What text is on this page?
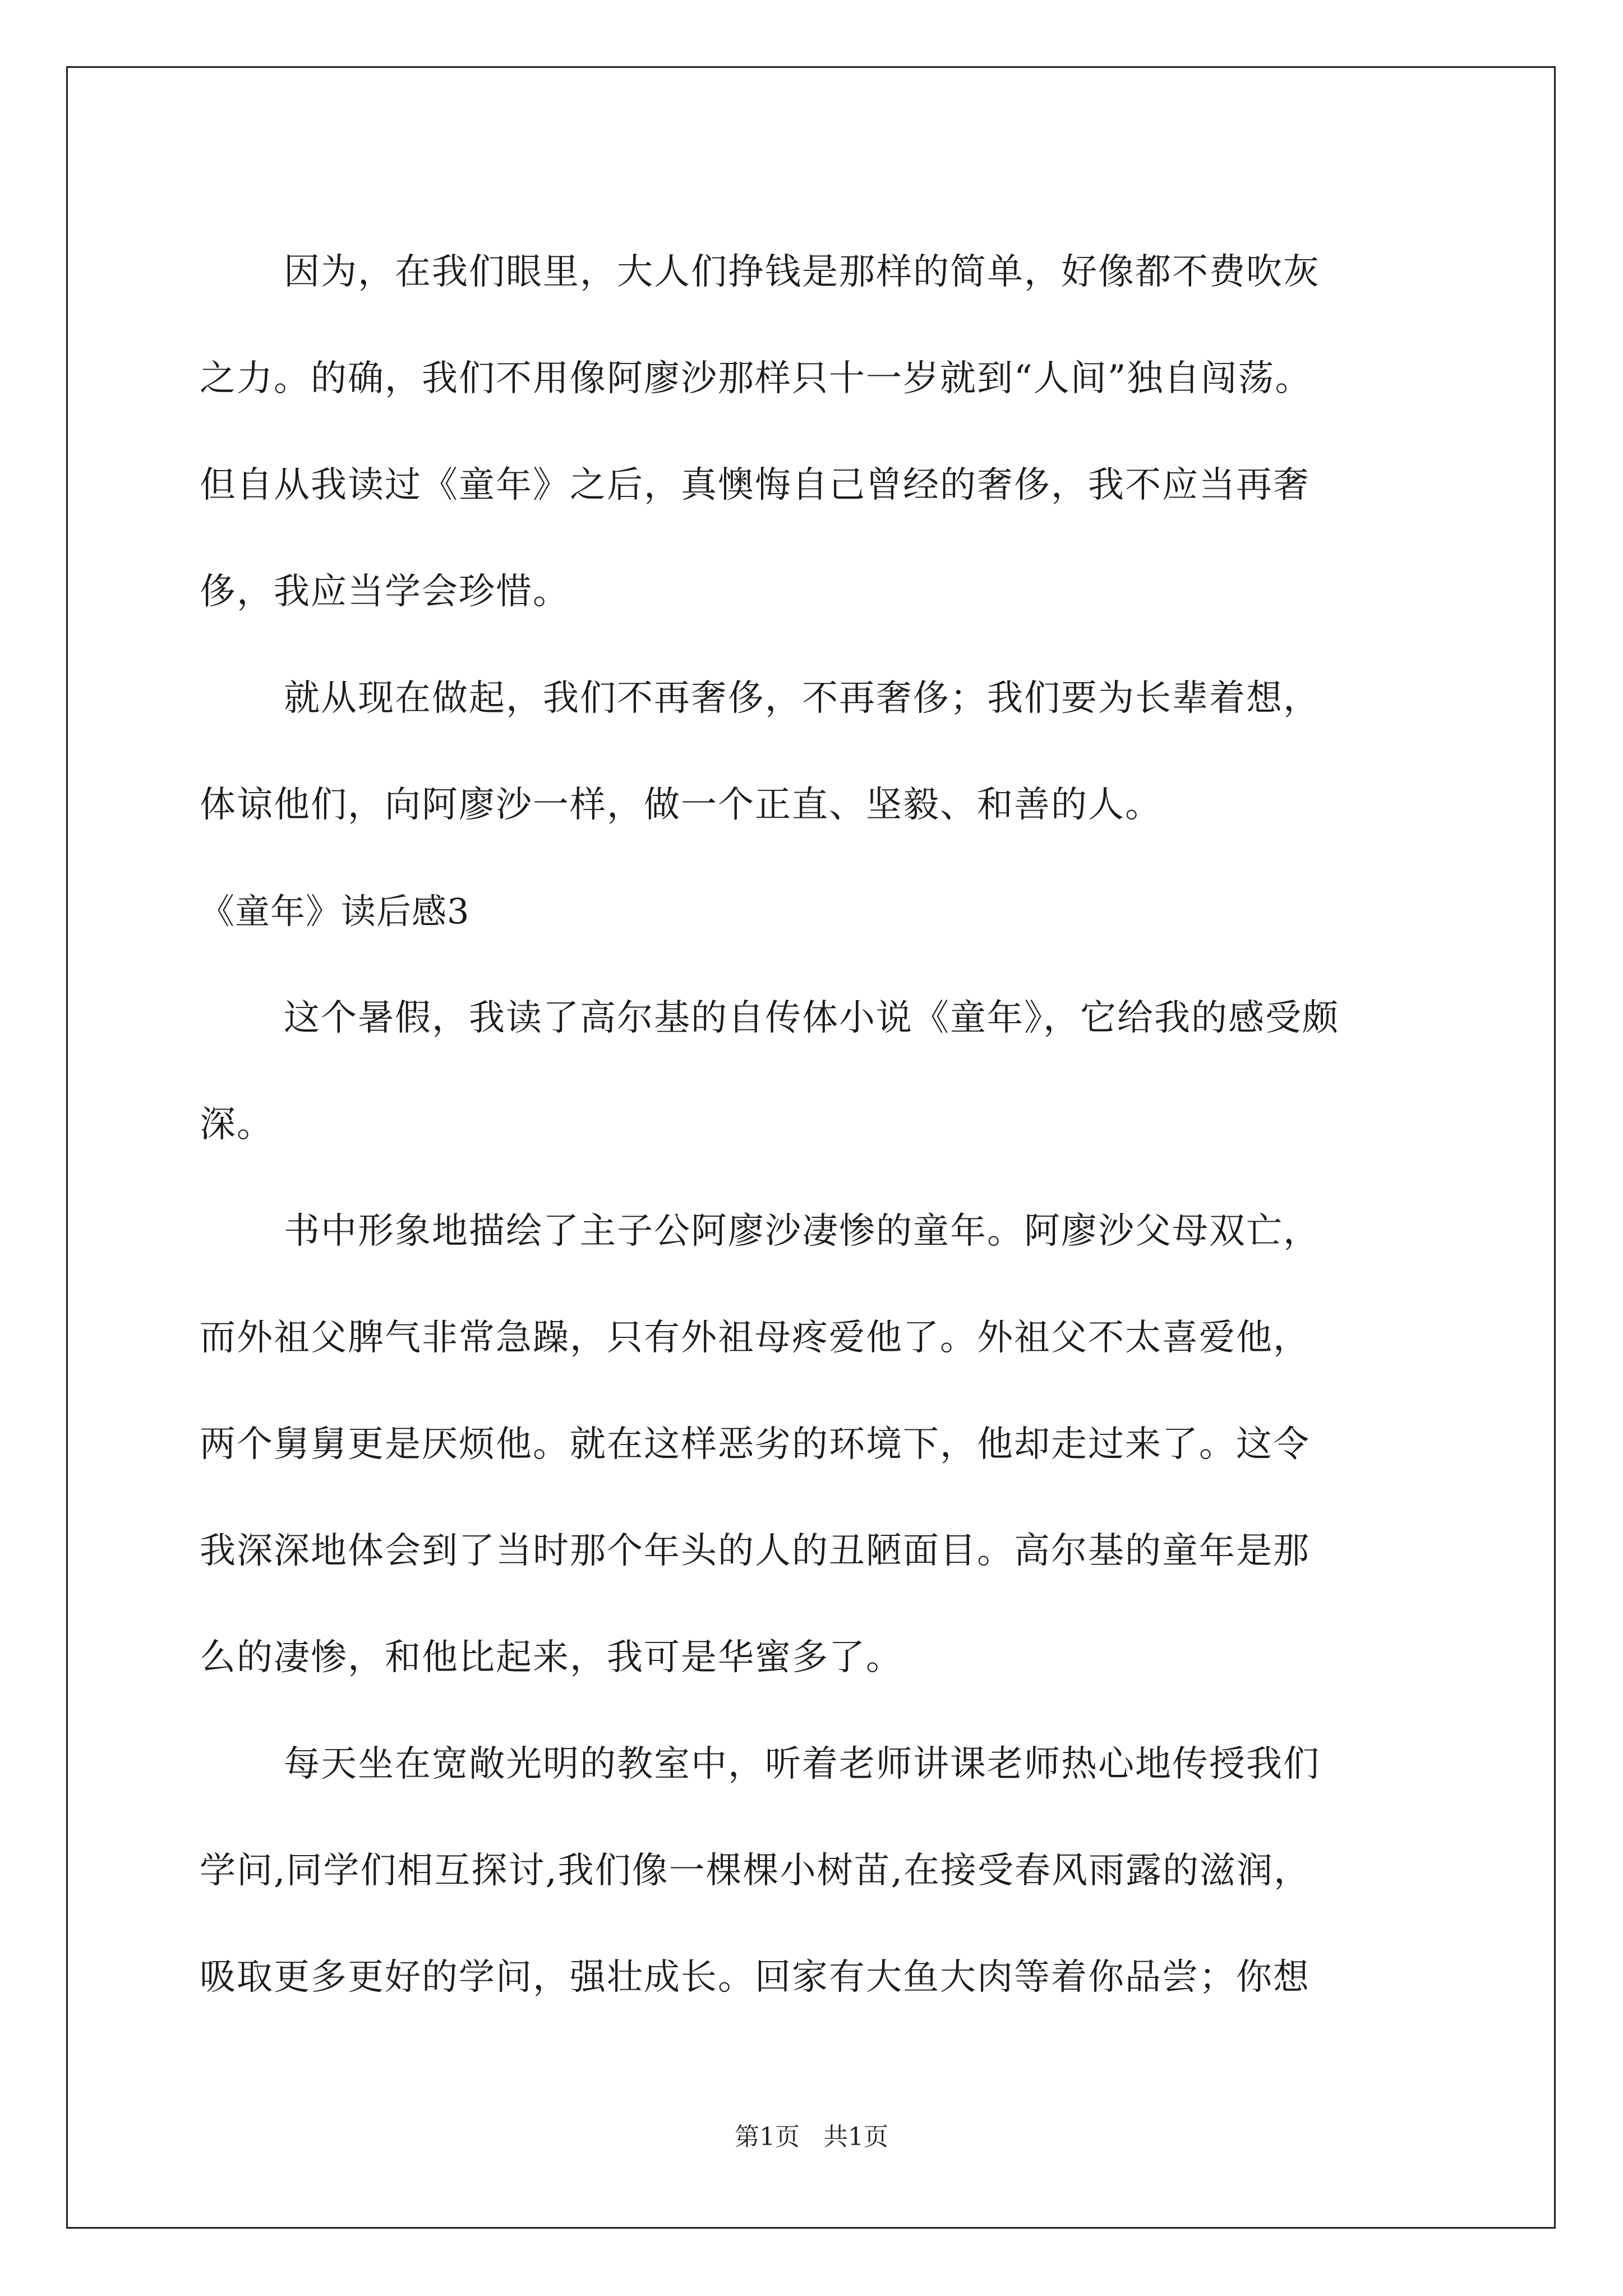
因为，在我们眼里，大人们挣钱是那样的简单，好像都不费吹灰
之力。的确，我们不用像阿廖沙那样只十一岁就到“人间”独自闯荡。
但自从我读过《童年》之后，真懊悔自己曾经的奢侈，我不应当再奢
侈，我应当学会珍惜。
就从现在做起，我们不再奢侈，不再奢侈；我们要为长辈着想，
体谅他们，向阿廖沙一样，做一个正直、坚毅、和善的人。
《童年》读后感3
这个暑假，我读了高尔基的自传体小说《童年》，它给我的感受颇
深。
书中形象地描绘了主子公阿廖沙凄惨的童年。阿廖沙父母双亡，
而外祖父脾气非常急躁，只有外祖母疼爱他了。外祖父不太喜爱他，
两个舅舅更是厌烦他。就在这样恶劣的环境下，他却走过来了。这令
我深深地体会到了当时那个年头的人的丑陋面目。高尔基的童年是那
么的凄惨，和他比起来，我可是华蜜多了。
每天坐在宽敞光明的教室中，听着老师讲课老师热心地传授我们
学问,同学们相互探讨,我们像一棵棵小树苗,在接受春风雨露的滋润，
吸取更多更好的学问，强壮成长。回家有大鱼大肉等着你品尝；你想
第1页 共1页
